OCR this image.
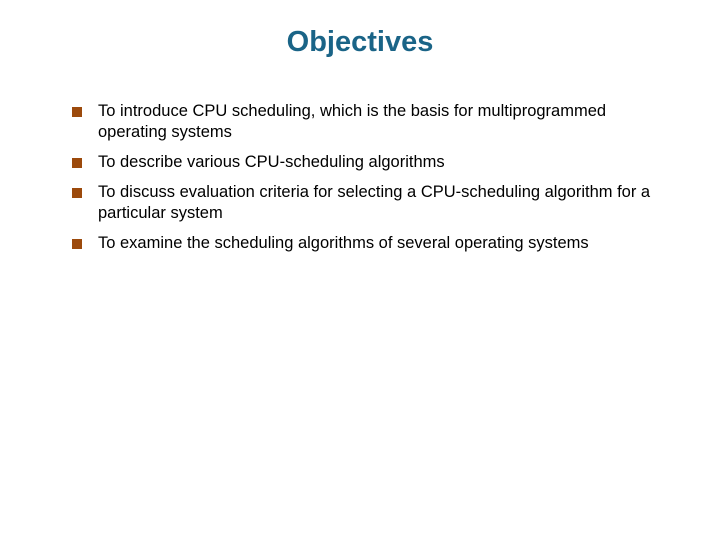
Objectives
To introduce CPU scheduling, which is the basis for multiprogrammed
operating systems
To describe various CPU-scheduling algorithms
To discuss evaluation criteria for selecting a CPU-scheduling algorithm for a
particular system
To examine the scheduling algorithms of several operating systems
